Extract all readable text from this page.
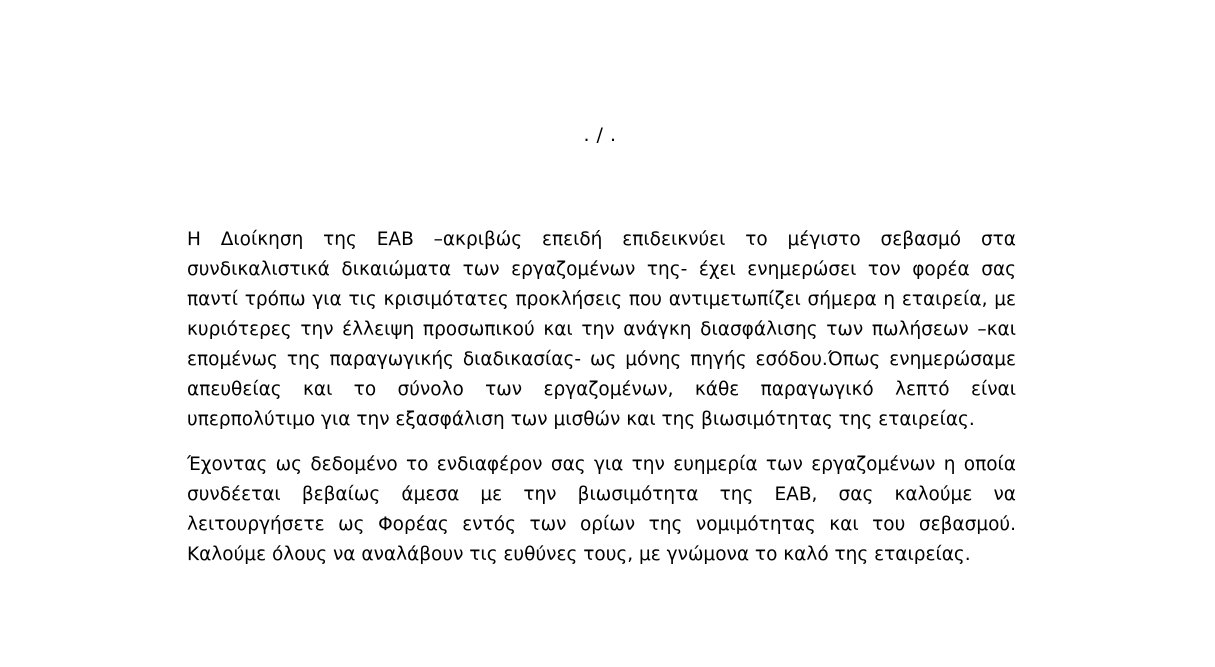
. / .

Η Διοίκηση της ΕΑΒ –ακριβώς επειδή επιδεικνύει το μέγιστο σεβασμό στα
συνδικαλιστικά δικαιώματα των εργαζομένων της- έχει ενημερώσει τον φορέα σας
παντί τρόπω για τις κρισιμότατες προκλήσεις που αντιμετωπίζει σήμερα η εταιρεία, με
κυριότερες την έλλειψη προσωπικού και την ανάγκη διασφάλισης των πωλήσεων –και
επομένως της παραγωγικής διαδικασίας- ως μόνης πηγής εσόδου.Όπως ενημερώσαμε
απευθείας και το σύνολο των εργαζομένων, κάθε παραγωγικό λεπτό είναι
υπερπολύτιμο για την εξασφάλιση των μισθών και της βιωσιμότητας της εταιρείας.

Έχοντας ως δεδομένο το ενδιαφέρον σας για την ευημερία των εργαζομένων η οποία
συνδέεται βεβαίως άμεσα με την βιωσιμότητα της ΕΑΒ, σας καλούμε να
λειτουργήσετε ως Φορέας εντός των ορίων της νομιμότητας και του σεβασμού.
Καλούμε όλους να αναλάβουν τις ευθύνες τους, με γνώμονα το καλό της εταιρείας.
